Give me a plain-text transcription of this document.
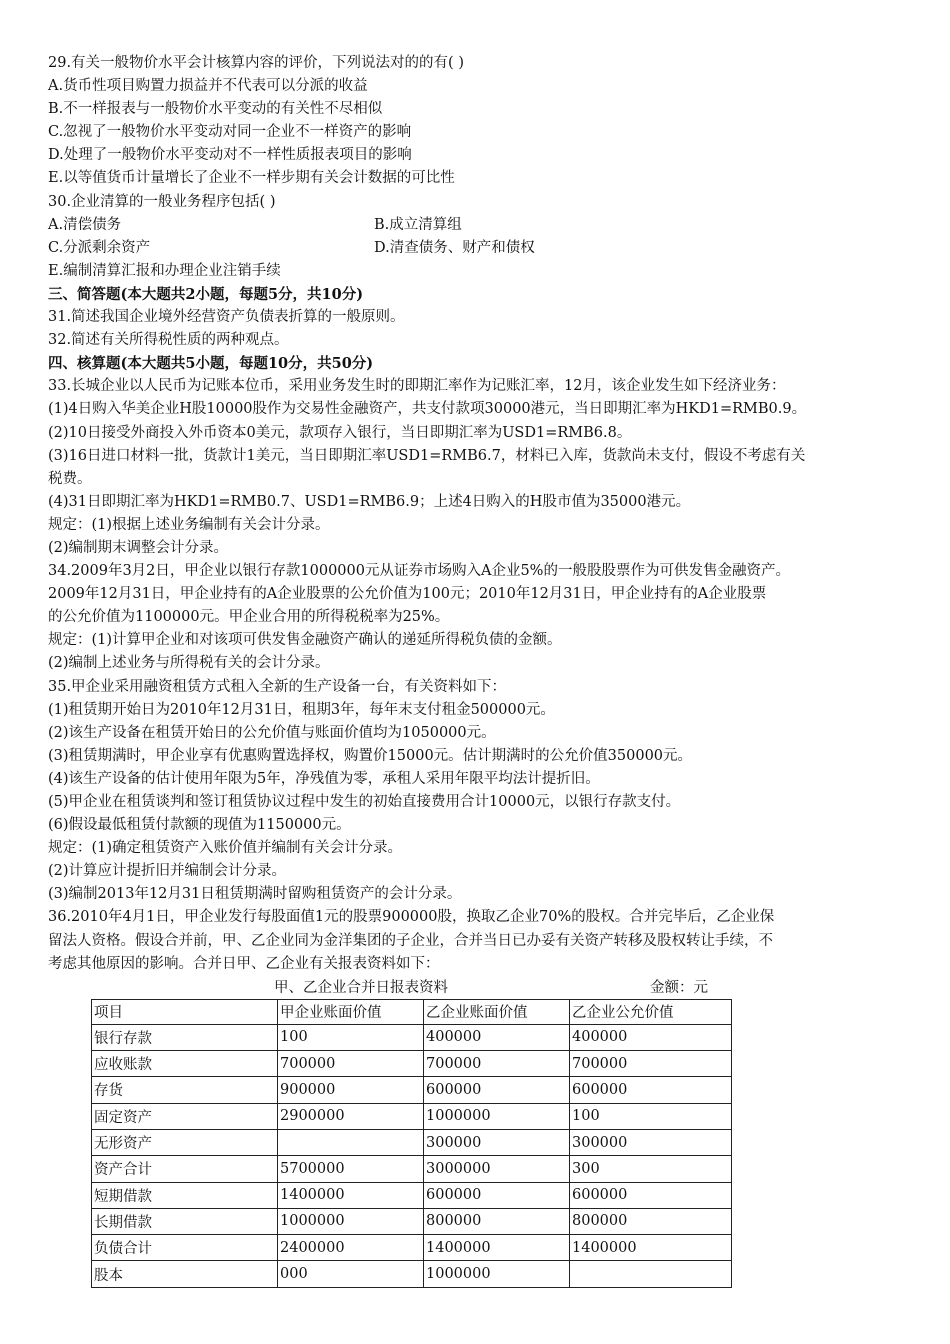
29.有关一般物价水平会计核算内容的评价，下列说法对的的有( )
A.货币性项目购置力损益并不代表可以分派的收益
B.不一样报表与一般物价水平变动的有关性不尽相似
C.忽视了一般物价水平变动对同一企业不一样资产的影响
D.处理了一般物价水平变动对不一样性质报表项目的影响
E.以等值货币计量增长了企业不一样步期有关会计数据的可比性
30.企业清算的一般业务程序包括( )
A.清偿债务	B.成立清算组
C.分派剩余资产	D.清查债务、财产和债权
E.编制清算汇报和办理企业注销手续
三、简答题(本大题共2小题，每题5分，共10分)
31.简述我国企业境外经营资产负债表折算的一般原则。
32.简述有关所得税性质的两种观点。
四、核算题(本大题共5小题，每题10分，共50分)
33.长城企业以人民币为记账本位币，采用业务发生时的即期汇率作为记账汇率，12月，该企业发生如下经济业务：
(1)4日购入华美企业H股10000股作为交易性金融资产，共支付款项30000港元，当日即期汇率为HKD1=RMB0.9。
(2)10日接受外商投入外币资本0美元，款项存入银行，当日即期汇率为USD1=RMB6.8。
(3)16日进口材料一批，货款计1美元，当日即期汇率USD1=RMB6.7，材料已入库，货款尚未支付，假设不考虑有关
税费。
(4)31日即期汇率为HKD1=RMB0.7、USD1=RMB6.9；上述4日购入的H股市值为35000港元。
规定：(1)根据上述业务编制有关会计分录。
(2)编制期末调整会计分录。
34.2009年3月2日，甲企业以银行存款1000000元从证券市场购入A企业5%的一般股股票作为可供发售金融资产。
2009年12月31日，甲企业持有的A企业股票的公允价值为100元；2010年12月31日，甲企业持有的A企业股票
的公允价值为1100000元。甲企业合用的所得税税率为25%。
规定：(1)计算甲企业和对该项可供发售金融资产确认的递延所得税负债的金额。
(2)编制上述业务与所得税有关的会计分录。
35.甲企业采用融资租赁方式租入全新的生产设备一台，有关资料如下：
(1)租赁期开始日为2010年12月31日，租期3年，每年末支付租金500000元。
(2)该生产设备在租赁开始日的公允价值与账面价值均为1050000元。
(3)租赁期满时，甲企业享有优惠购置选择权，购置价15000元。估计期满时的公允价值350000元。
(4)该生产设备的估计使用年限为5年，净残值为零，承租人采用年限平均法计提折旧。
(5)甲企业在租赁谈判和签订租赁协议过程中发生的初始直接费用合计10000元，以银行存款支付。
(6)假设最低租赁付款额的现值为1150000元。
规定：(1)确定租赁资产入账价值并编制有关会计分录。
(2)计算应计提折旧并编制会计分录。
(3)编制2013年12月31日租赁期满时留购租赁资产的会计分录。
36.2010年4月1日，甲企业发行每股面值1元的股票900000股，换取乙企业70%的股权。合并完毕后，乙企业保
留法人资格。假设合并前，甲、乙企业同为金洋集团的子企业，合并当日已办妥有关资产转移及股权转让手续，不
考虑其他原因的影响。合并日甲、乙企业有关报表资料如下：
甲、乙企业合并日报表资料	金额：元
项目	甲企业账面价值	乙企业账面价值	乙企业公允价值
银行存款	100	400000	400000
应收账款	700000	700000	700000
存货	900000	600000	600000
固定资产	2900000	1000000	100
无形资产		300000	300000
资产合计	5700000	3000000	300
短期借款	1400000	600000	600000
长期借款	1000000	800000	800000
负债合计	2400000	1400000	1400000
股本	000	1000000	
